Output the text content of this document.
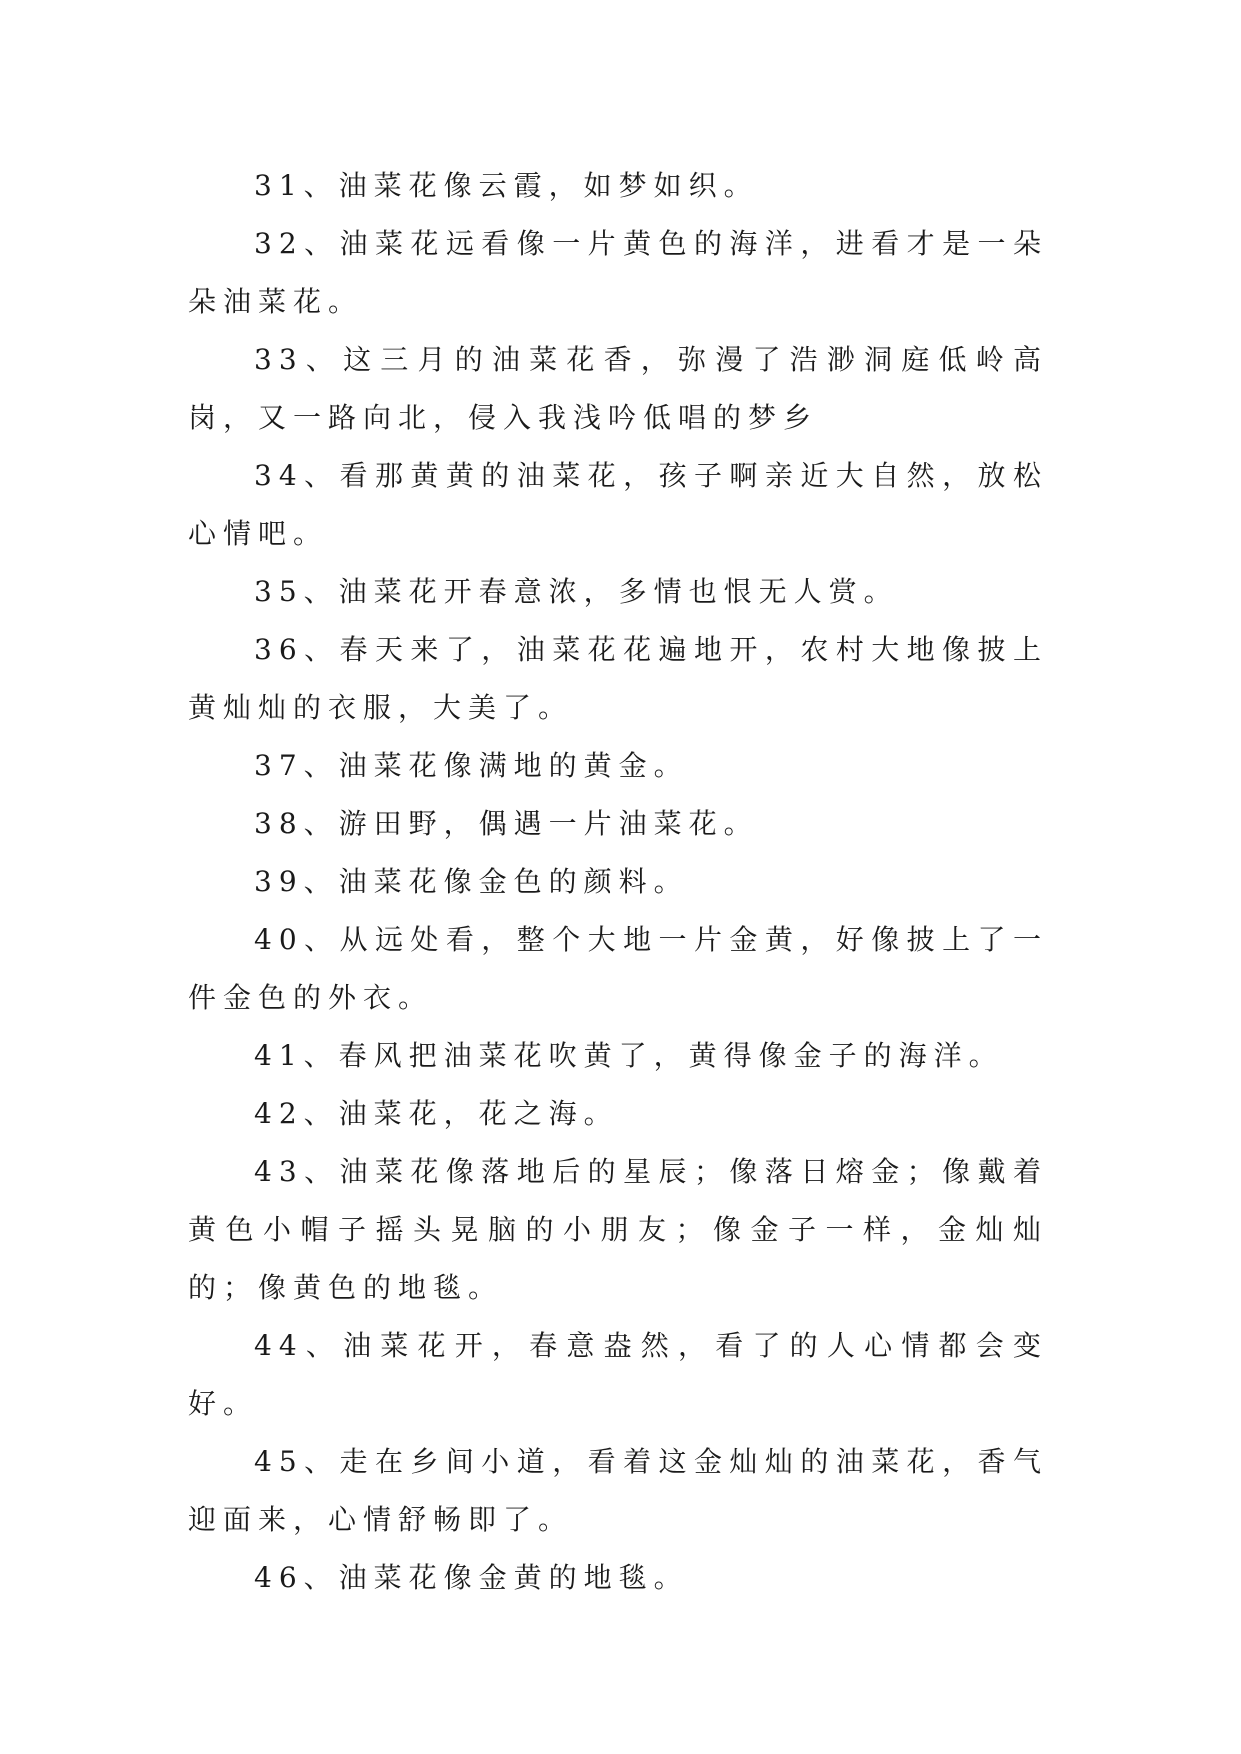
31、油菜花像云霞，如梦如织。

32、油菜花远看像一片黄色的海洋，进看才是一朵朵油菜花。

33、这三月的油菜花香，弥漫了浩渺洞庭低岭高岗，又一路向北，侵入我浅吟低唱的梦乡

34、看那黄黄的油菜花，孩子啊亲近大自然，放松心情吧。

35、油菜花开春意浓，多情也恨无人赏。

36、春天来了，油菜花花遍地开，农村大地像披上黄灿灿的衣服，大美了。

37、油菜花像满地的黄金。

38、游田野，偶遇一片油菜花。

39、油菜花像金色的颜料。

40、从远处看，整个大地一片金黄，好像披上了一件金色的外衣。

41、春风把油菜花吹黄了，黄得像金子的海洋。

42、油菜花，花之海。

43、油菜花像落地后的星辰；像落日熔金；像戴着黄色小帽子摇头晃脑的小朋友；像金子一样，金灿灿的；像黄色的地毯。

44、油菜花开，春意盎然，看了的人心情都会变好。

45、走在乡间小道，看着这金灿灿的油菜花，香气迎面来，心情舒畅即了。

46、油菜花像金黄的地毯。
